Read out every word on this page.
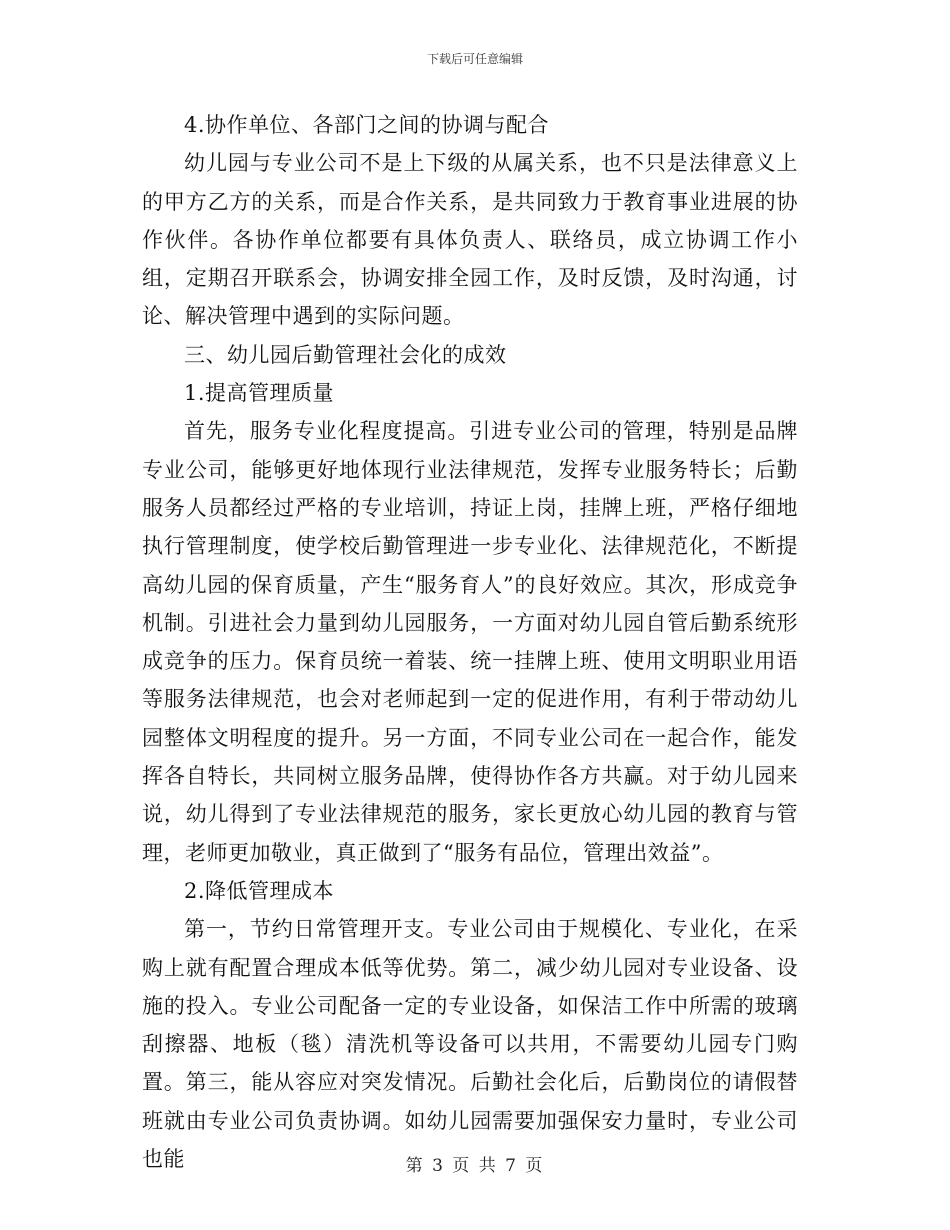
下载后可任意编辑

4.协作单位、各部门之间的协调与配合

幼儿园与专业公司不是上下级的从属关系，也不只是法律意义上的甲方乙方的关系，而是合作关系，是共同致力于教育事业进展的协作伙伴。各协作单位都要有具体负责人、联络员，成立协调工作小组，定期召开联系会，协调安排全园工作，及时反馈，及时沟通，讨论、解决管理中遇到的实际问题。

三、幼儿园后勤管理社会化的成效

1.提高管理质量

首先，服务专业化程度提高。引进专业公司的管理，特别是品牌专业公司，能够更好地体现行业法律规范，发挥专业服务特长；后勤服务人员都经过严格的专业培训，持证上岗，挂牌上班，严格仔细地执行管理制度，使学校后勤管理进一步专业化、法律规范化，不断提高幼儿园的保育质量，产生“服务育人”的良好效应。其次，形成竞争机制。引进社会力量到幼儿园服务，一方面对幼儿园自管后勤系统形成竞争的压力。保育员统一着装、统一挂牌上班、使用文明职业用语等服务法律规范，也会对老师起到一定的促进作用，有利于带动幼儿园整体文明程度的提升。另一方面，不同专业公司在一起合作，能发挥各自特长，共同树立服务品牌，使得协作各方共赢。对于幼儿园来说，幼儿得到了专业法律规范的服务，家长更放心幼儿园的教育与管理，老师更加敬业，真正做到了“服务有品位，管理出效益”。

2.降低管理成本

第一，节约日常管理开支。专业公司由于规模化、专业化，在采购上就有配置合理成本低等优势。第二，减少幼儿园对专业设备、设施的投入。专业公司配备一定的专业设备，如保洁工作中所需的玻璃刮擦器、地板（毯）清洗机等设备可以共用，不需要幼儿园专门购置。第三，能从容应对突发情况。后勤社会化后，后勤岗位的请假替班就由专业公司负责协调。如幼儿园需要加强保安力量时，专业公司也能	第 3 页 共 7 页
